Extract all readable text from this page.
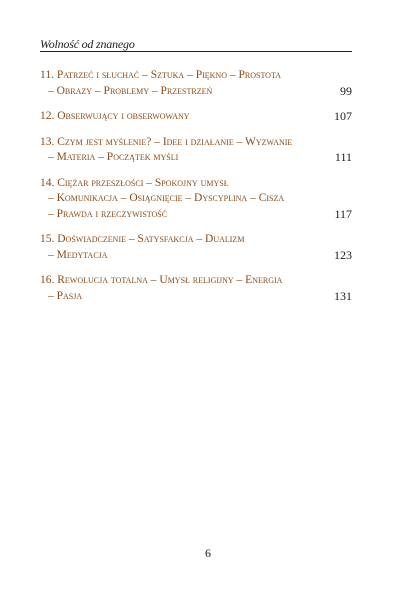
Wolność od znanego
11. Patrzeć i słuchać – Sztuka – Piękno – Prostota
– Obrazy – Problemy – Przestrzeń	99
12. Obserwujący i obserwowany	107
13. Czym jest myślenie? – Idee i działanie – Wyzwanie
– Materia – Początek myśli	111
14. Ciężar przeszłości – Spokojny umysł
– Komunikacja – Osiągnięcie – Dyscyplina – Cisza
– Prawda i rzeczywistość	117
15. Doświadczenie – Satysfakcja – Dualizm
– Medytacja	123
16. Rewolucja totalna – Umysł religijny – Energia
– Pasja	131
6
